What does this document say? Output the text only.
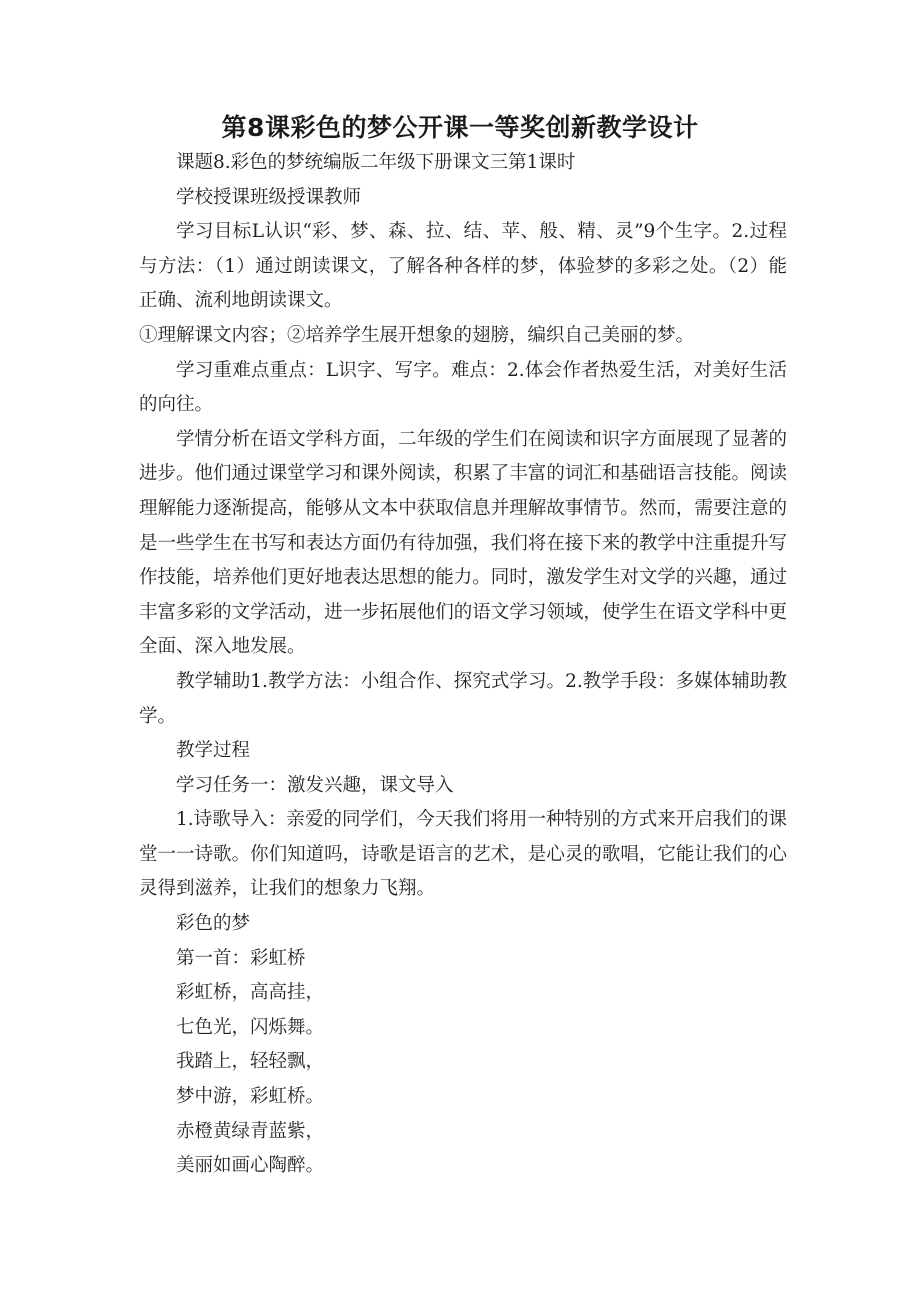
第8课彩色的梦公开课一等奖创新教学设计

课题8.彩色的梦统编版二年级下册课文三第1课时

学校授课班级授课教师

学习目标L认识“彩、梦、森、拉、结、苹、般、精、灵”9个生字。2.过程与方法：（1）通过朗读课文，了解各种各样的梦，体验梦的多彩之处。（2）能正确、流利地朗读课文。

①理解课文内容；②培养学生展开想象的翅膀，编织自己美丽的梦。

学习重难点重点：L识字、写字。难点：2.体会作者热爱生活，对美好生活的向往。

学情分析在语文学科方面，二年级的学生们在阅读和识字方面展现了显著的进步。他们通过课堂学习和课外阅读，积累了丰富的词汇和基础语言技能。阅读理解能力逐渐提高，能够从文本中获取信息并理解故事情节。然而，需要注意的是一些学生在书写和表达方面仍有待加强，我们将在接下来的教学中注重提升写作技能，培养他们更好地表达思想的能力。同时，激发学生对文学的兴趣，通过丰富多彩的文学活动，进一步拓展他们的语文学习领域，使学生在语文学科中更全面、深入地发展。

教学辅助1.教学方法：小组合作、探究式学习。2.教学手段：多媒体辅助教学。

教学过程

学习任务一：激发兴趣，课文导入

1.诗歌导入：亲爱的同学们，今天我们将用一种特别的方式来开启我们的课堂一一诗歌。你们知道吗，诗歌是语言的艺术，是心灵的歌唱，它能让我们的心灵得到滋养，让我们的想象力飞翔。

彩色的梦

第一首：彩虹桥

彩虹桥，高高挂，

七色光，闪烁舞。

我踏上，轻轻飘，

梦中游，彩虹桥。

赤橙黄绿青蓝紫，

美丽如画心陶醉。
